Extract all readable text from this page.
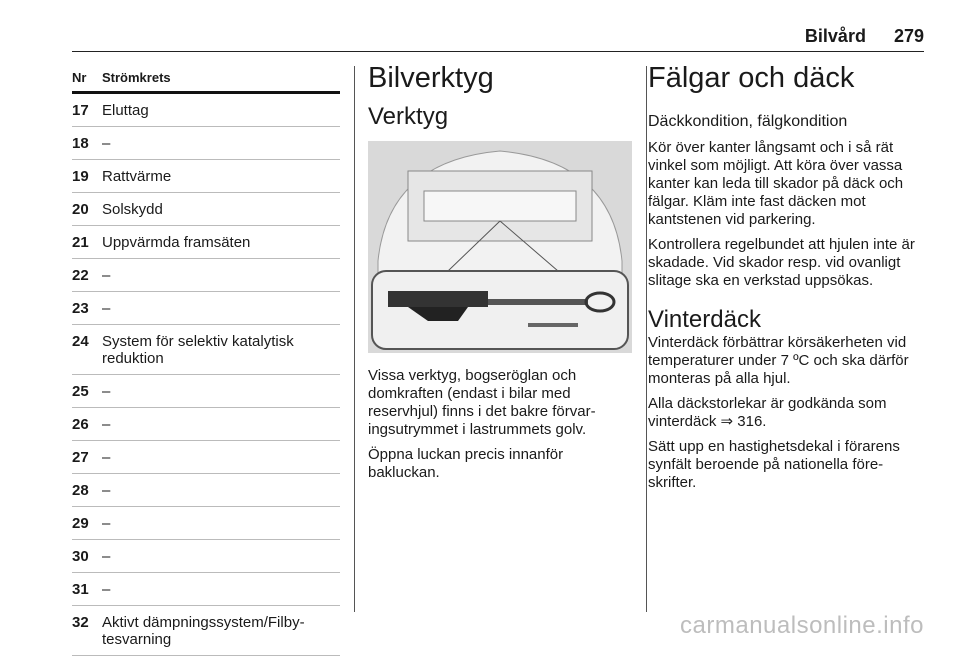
Bilvård 279
Nr	Strömkrets
17 Eluttag
18 –
19 Rattvärme
20 Solskydd
21 Uppvärmda framsäten
22 –
23 –
24 System för selektiv katalytisk reduktion
25 –
26 –
27 –
28 –
29 –
30 –
31 –
32 Aktivt dämpningssystem/Filby-tesvarning
Bilverktyg
Verktyg

Vissa verktyg, bogseröglan och domkraften (endast i bilar med reservhjul) finns i det bakre förvar-ingsutrymmet i lastrummets golv.

Öppna luckan precis innanför bakluckan.

Fälgar och däck
Däckkondition, fälgkondition

Kör över kanter långsamt och i så rät vinkel som möjligt. Att köra över vassa kanter kan leda till skador på däck och fälgar. Kläm inte fast däcken mot kantstenen vid parkering.

Kontrollera regelbundet att hjulen inte är skadade. Vid skador resp. vid ovanligt slitage ska en verkstad uppsökas.

Vinterdäck

Vinterdäck förbättrar körsäkerheten vid temperaturer under 7 ºC och ska därför monteras på alla hjul.

Alla däckstorlekar är godkända som vinterdäck ⇒ 316.

Sätt upp en hastighetsdekal i förarens synfält beroende på nationella före-skrifter.

carmanualsonline.info
